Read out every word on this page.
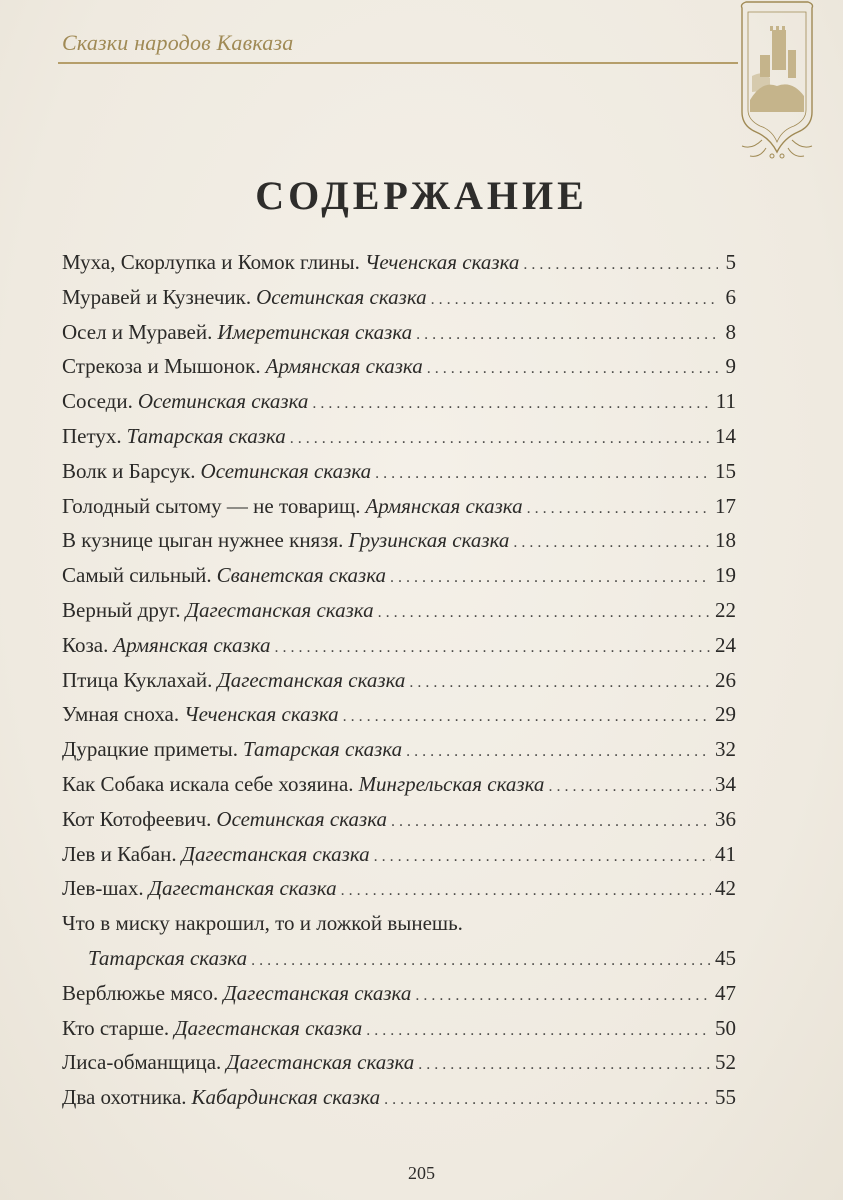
Сказки народов Кавказа
СОДЕРЖАНИЕ
Муха, Скорлупка и Комок глины. Чеченская сказка . . .	5
Муравей и Кузнечик. Осетинская сказка . . .	6
Осел и Муравей. Имеретинская сказка . . .	8
Стрекоза и Мышонок. Армянская сказка . . .	9
Соседи. Осетинская сказка . . .	11
Петух. Татарская сказка . . .	14
Волк и Барсук. Осетинская сказка . . .	15
Голодный сытому — не товарищ. Армянская сказка . . .	17
В кузнице цыган нужнее князя. Грузинская сказка . . .	18
Самый сильный. Сванетская сказка . . .	19
Верный друг. Дагестанская сказка . . .	22
Коза. Армянская сказка . . .	24
Птица Куклахай. Дагестанская сказка . . .	26
Умная сноха. Чеченская сказка . . .	29
Дурацкие приметы. Татарская сказка . . .	32
Как Собака искала себе хозяина. Мингрельская сказка . . .	34
Кот Котофеевич. Осетинская сказка . . .	36
Лев и Кабан. Дагестанская сказка . . .	41
Лев-шах. Дагестанская сказка . . .	42
Что в миску накрошил, то и ложкой вынешь.
Татарская сказка . . .	45
Верблюжье мясо. Дагестанская сказка . . .	47
Кто старше. Дагестанская сказка . . .	50
Лиса-обманщица. Дагестанская сказка . . .	52
Два охотника. Кабардинская сказка . . .	55
205
